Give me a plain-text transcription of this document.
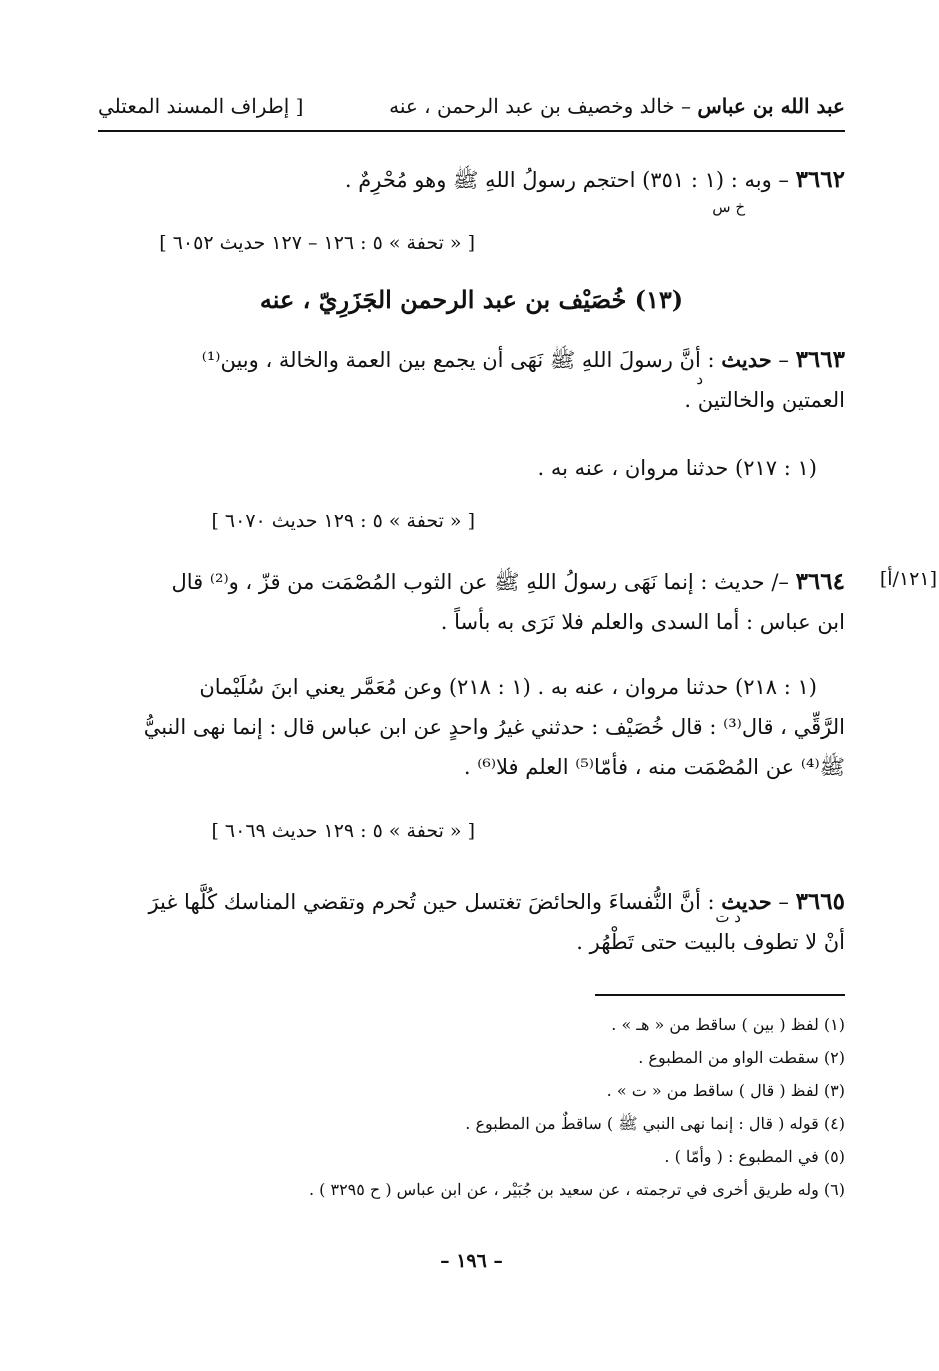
عبد الله بن عباس – خالد وخصيف بن عبد الرحمن ، عنه
[ إطراف المسند المعتلي
٣٦٦٢ – وبه : (١ : ٣٥١) احتجم رسولُ اللهِ ﷺ وهو مُحْرِمٌ .
خ س
[ « تحفة » ٥ : ١٢٦ – ١٢٧ حديث ٦٠٥٢ ]
(١٣) خُصَيْف بن عبد الرحمن الجَزَرِيّ ، عنه
٣٦٦٣ – حديث : أنَّ رسولَ اللهِ ﷺ نَهَى أن يجمع بين العمة والخالة ، وبين⁽¹⁾
العمتين والخالتين .
د
(١ : ٢١٧) حدثنا مروان ، عنه به .
[ « تحفة » ٥ : ١٢٩ حديث ٦٠٧٠ ]
[١٢١/أ]
٣٦٦٤ –/ حديث : إنما نَهَى رسولُ اللهِ ﷺ عن الثوب المُصْمَت من قزّ ، و⁽²⁾ قال
ابن عباس : أما السدى والعلم فلا نَرَى به بأساً .
(١ : ٢١٨) حدثنا مروان ، عنه به . (١ : ٢١٨) وعن مُعَمَّر يعني ابنَ سُلَيْمان
الرَّقِّي ، قال⁽³⁾ : قال خُصَيْف : حدثني غيرُ واحدٍ عن ابن عباس قال : إنما نهى النبيُّ
ﷺ⁽⁴⁾ عن المُصْمَت منه ، فأمّا⁽⁵⁾ العلم فلا⁽⁶⁾ .
[ « تحفة » ٥ : ١٢٩ حديث ٦٠٦٩ ]
٣٦٦٥ – حديث : أنَّ النُّفساءَ والحائضَ تغتسل حين تُحرم وتقضي المناسك كُلَّها غيرَ
أنْ لا تطوف بالبيت حتى تَطْهُر .
د ت
(١) لفظ ( بين ) ساقط من « هـ » .
(٢) سقطت الواو من المطبوع .
(٣) لفظ ( قال ) ساقط من « ت » .
(٤) قوله ( قال : إنما نهى النبي ﷺ ) ساقطٌ من المطبوع .
(٥) في المطبوع : ( وأمّا ) .
(٦) وله طريق أخرى في ترجمته ، عن سعيد بن جُبَيْر ، عن ابن عباس ( ح ٣٢٩٥ ) .
– ١٩٦ –
